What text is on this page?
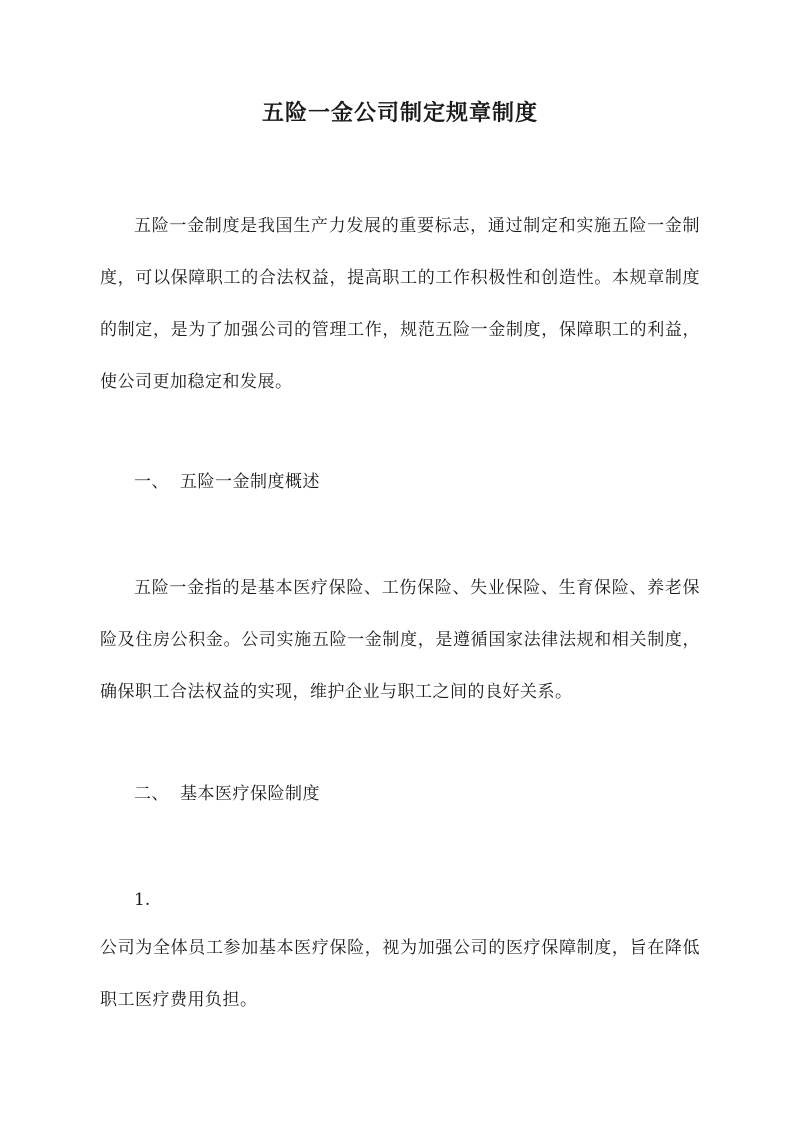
五险一金公司制定规章制度

五险一金制度是我国生产力发展的重要标志，通过制定和实施五险一金制度，可以保障职工的合法权益，提高职工的工作积极性和创造性。本规章制度的制定，是为了加强公司的管理工作，规范五险一金制度，保障职工的利益，使公司更加稳定和发展。

一、 五险一金制度概述

五险一金指的是基本医疗保险、工伤保险、失业保险、生育保险、养老保险及住房公积金。公司实施五险一金制度，是遵循国家法律法规和相关制度，确保职工合法权益的实现，维护企业与职工之间的良好关系。

二、 基本医疗保险制度

1.

公司为全体员工参加基本医疗保险，视为加强公司的医疗保障制度，旨在降低职工医疗费用负担。
